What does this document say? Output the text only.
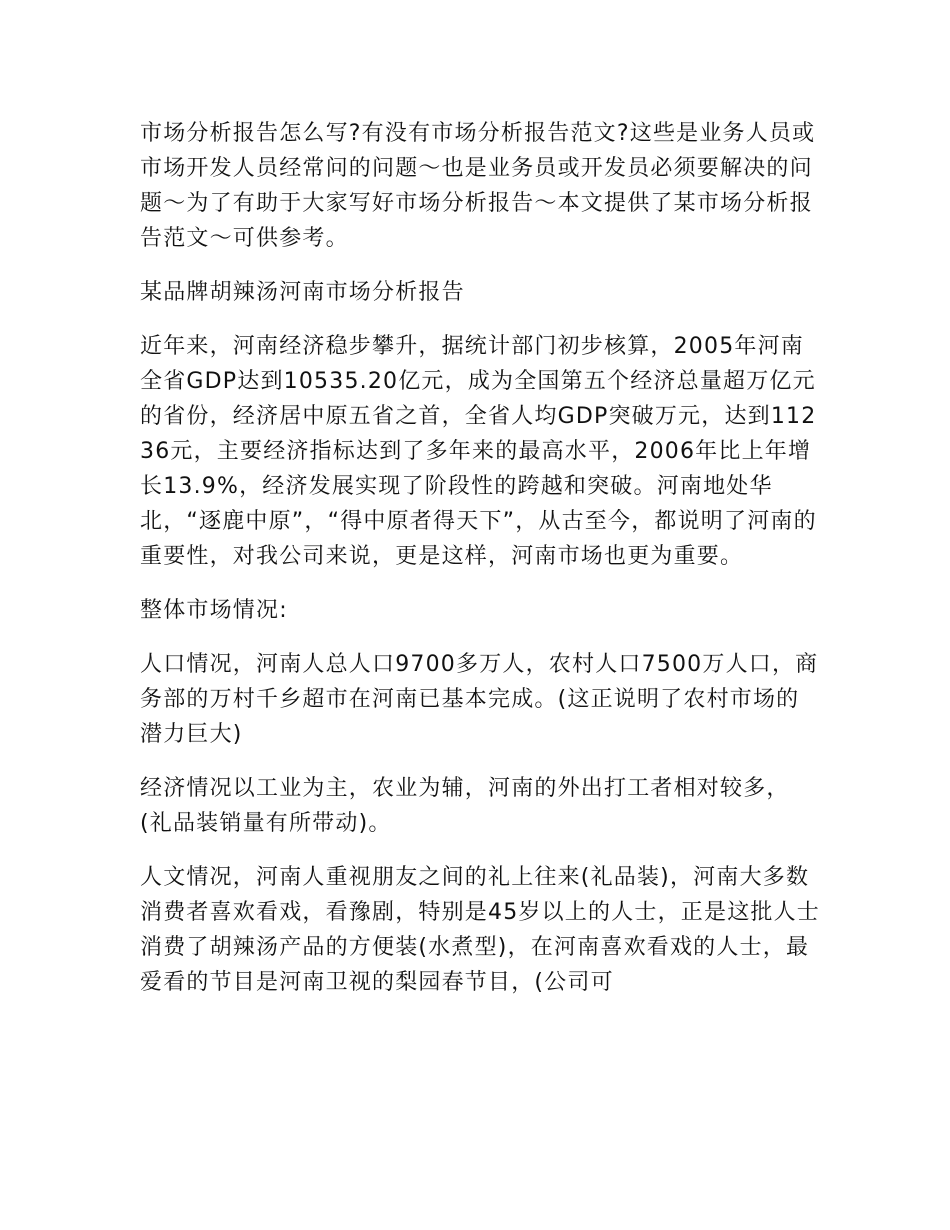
市场分析报告怎么写?有没有市场分析报告范文?这些是业务人员或市场开发人员经常问的问题～也是业务员或开发员必须要解决的问题～为了有助于大家写好市场分析报告～本文提供了某市场分析报告范文～可供参考。

某品牌胡辣汤河南市场分析报告

近年来，河南经济稳步攀升，据统计部门初步核算，2005年河南全省GDP达到10535.20亿元，成为全国第五个经济总量超万亿元的省份，经济居中原五省之首，全省人均GDP突破万元，达到11236元，主要经济指标达到了多年来的最高水平，2006年比上年增长13.9%，经济发展实现了阶段性的跨越和突破。河南地处华北，“逐鹿中原”，“得中原者得天下”，从古至今，都说明了河南的重要性，对我公司来说，更是这样，河南市场也更为重要。

整体市场情况:

人口情况，河南人总人口9700多万人，农村人口7500万人口，商务部的万村千乡超市在河南已基本完成。(这正说明了农村市场的潜力巨大)

经济情况以工业为主，农业为辅，河南的外出打工者相对较多，(礼品装销量有所带动)。

人文情况，河南人重视朋友之间的礼上往来(礼品装)，河南大多数消费者喜欢看戏，看豫剧，特别是45岁以上的人士，正是这批人士消费了胡辣汤产品的方便装(水煮型)，在河南喜欢看戏的人士，最爱看的节目是河南卫视的梨园春节目，(公司可
